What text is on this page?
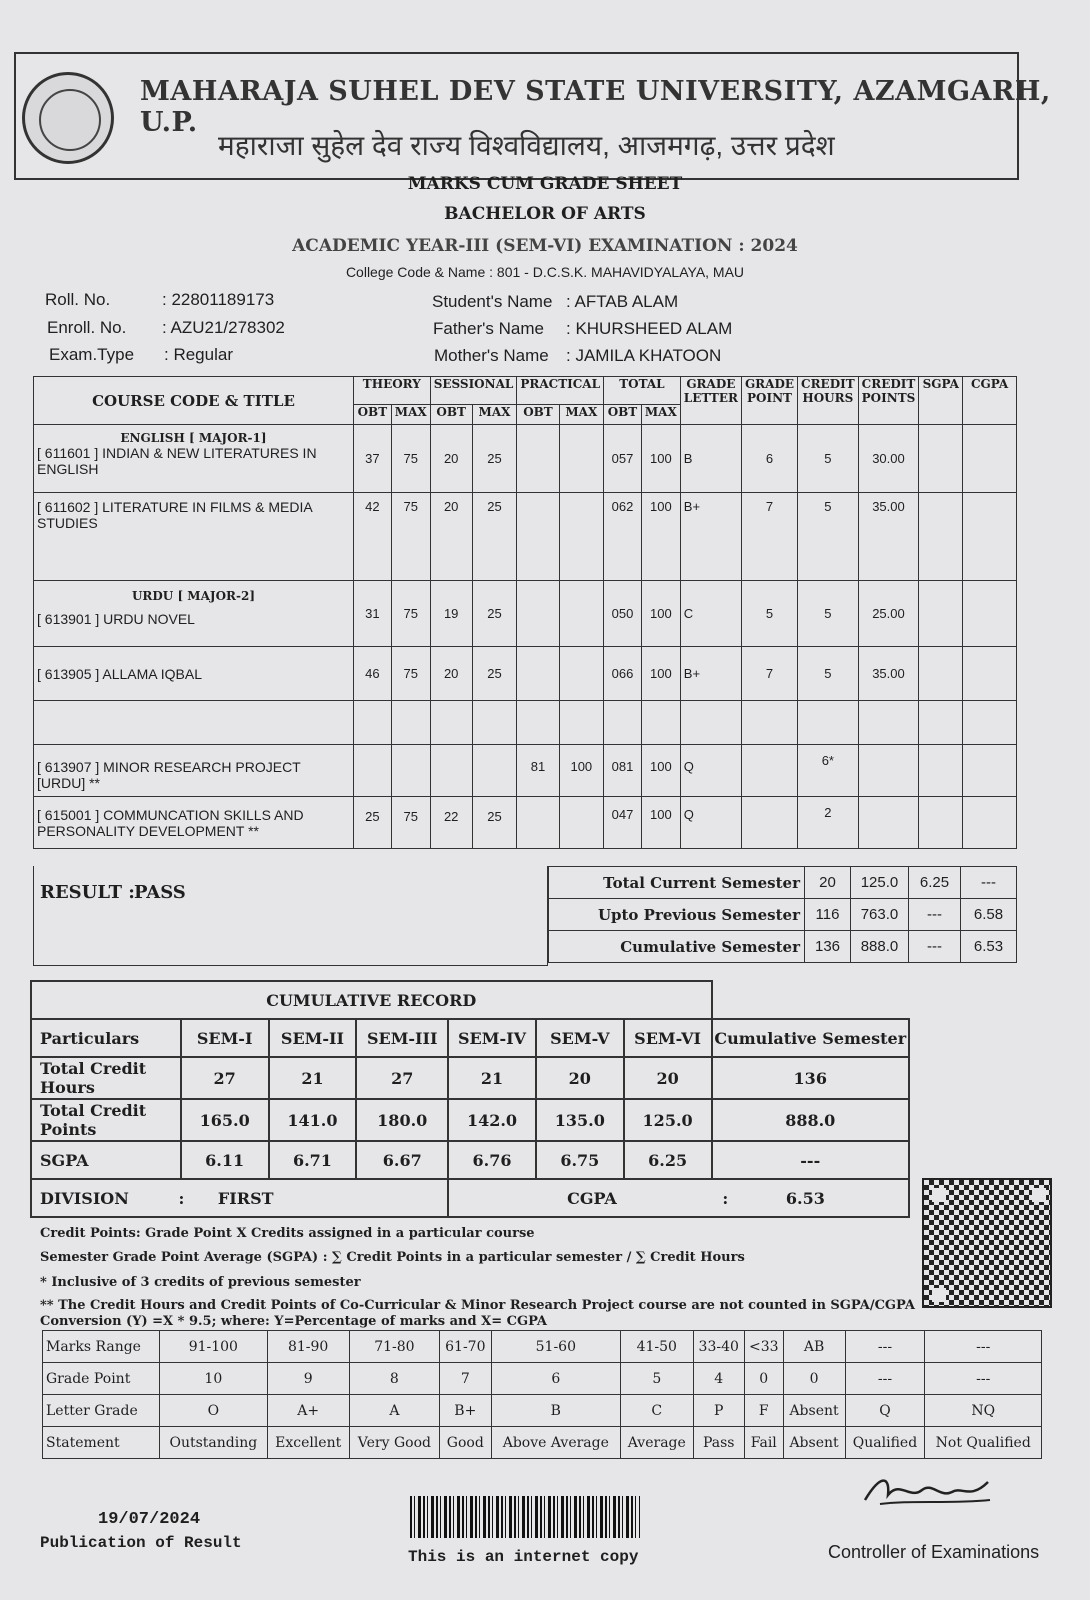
MAHARAJA SUHEL DEV STATE UNIVERSITY, AZAMGARH, U.P.
महाराजा सुहेल देव राज्य विश्वविद्यालय, आजमगढ़, उत्तर प्रदेश
MARKS CUM GRADE SHEET
BACHELOR OF ARTS
ACADEMIC YEAR-III (SEM-VI) EXAMINATION : 2024
College Code & Name : 801 - D.C.S.K. MAHAVIDYALAYA, MAU
Roll. No.	: 22801189173
Enroll. No. : AZU21/278302
Exam.Type : Regular
Student's Name : AFTAB ALAM
Father's Name : KHURSHEED ALAM
Mother's Name : JAMILA KHATOON
COURSE CODE & TITLE	THEORY		SESSIONAL		PRACTICAL		TOTAL		GRADE LETTER	GRADE POINT	CREDIT HOURS	CREDIT POINTS	SGPA	CGPA
	OBT	MAX	OBT	MAX	OBT	MAX	OBT	MAX						

ENGLISH [ MAJOR-1]
[ 611601 ] INDIAN & NEW LITERATURES IN ENGLISH	37	75	20	25			057	100	B	6	5	30.00		
[ 611602 ] LITERATURE IN FILMS & MEDIA STUDIES	42	75	20	25			062	100	B+	7	5	35.00		

URDU [ MAJOR-2]
[ 613901 ] URDU NOVEL	31	75	19	25			050	100	C	5	5	25.00		
[ 613905 ] ALLAMA IQBAL	46	75	20	25			066	100	B+	7	5	35.00		

[ 613907 ] MINOR RESEARCH PROJECT [URDU] **					81	100	081	100	Q		6*			
[ 615001 ] COMMUNCATION SKILLS AND PERSONALITY DEVELOPMENT **	25	75	22	25			047	100	Q		2			
RESULT : PASS	Total Current Semester	20	125.0	6.25	---
Upto Previous Semester	116	763.0	---	6.58
Cumulative Semester	136	888.0	---	6.53
CUMULATIVE RECORD							
Particulars	SEM-I	SEM-II	SEM-III	SEM-IV	SEM-V	SEM-VI	Cumulative Semester
Total Credit Hours	27	21	27	21	20	20	136
Total Credit Points	165.0	141.0	180.0	142.0	135.0	125.0	888.0
SGPA	6.11	6.71	6.67	6.76	6.75	6.25	---
DIVISION : FIRST				CGPA : 6.53			
Credit Points: Grade Point X Credits assigned in a particular course
Semester Grade Point Average (SGPA) : ∑ Credit Points in a particular semester / ∑ Credit Hours
* Inclusive of 3 credits of previous semester
** The Credit Hours and Credit Points of Co-Curricular & Minor Research Project course are not counted in SGPA/CGPA
Conversion (Y) =X * 9.5; where: Y=Percentage of marks and X= CGPA
Marks Range	91-100	81-90	71-80	61-70	51-60	41-50	33-40	<33	AB	---	---
Grade Point	10	9	8	7	6	5	4	0	0	---	---
Letter Grade	O	A+	A	B+	B	C	P	F	Absent	Q	NQ
Statement	Outstanding	Excellent	Very Good	Good	Above Average	Average	Pass	Fail	Absent	Qualified	Not Qualified
19/07/2024
Publication of Result
This is an internet copy	Controller of Examinations
